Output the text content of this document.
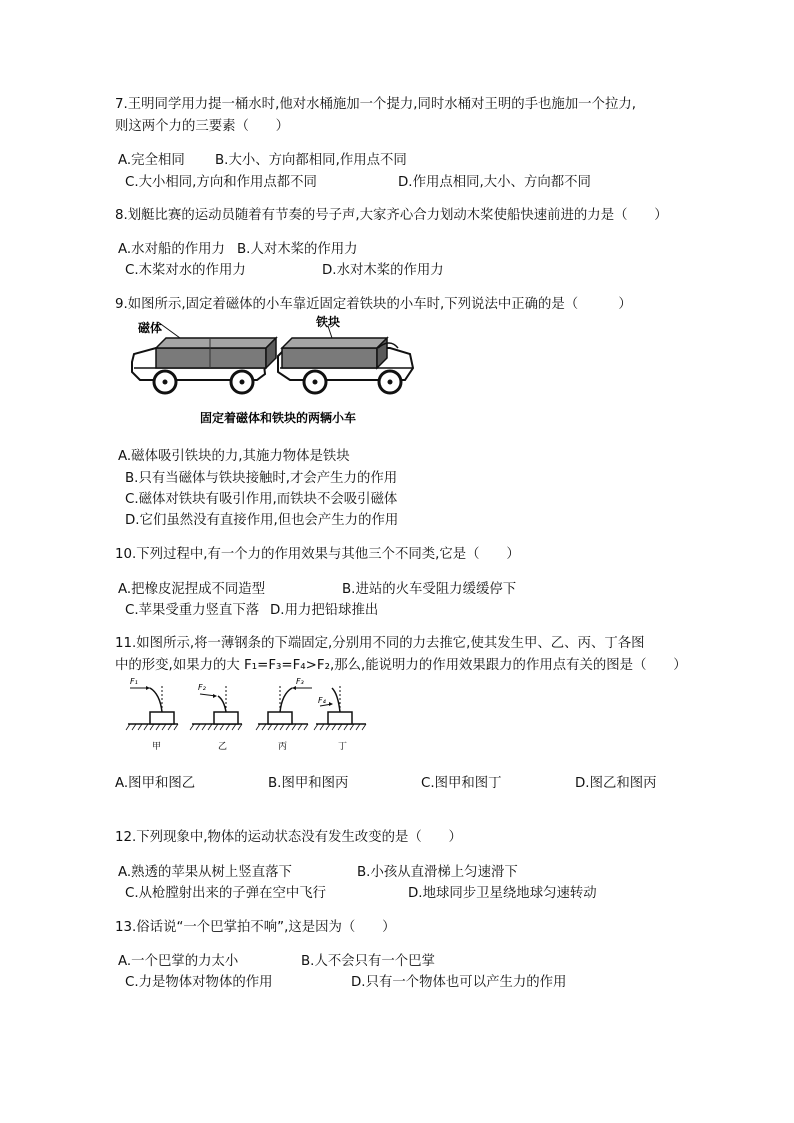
7.王明同学用力提一桶水时,他对水桶施加一个提力,同时水桶对王明的手也施加一个拉力,
则这两个力的三要素（　　）
A.完全相同 B.大小、方向都相同,作用点不同
C.大小相同,方向和作用点都不同	D.作用点相同,大小、方向都不同
8.划艇比赛的运动员随着有节奏的号子声,大家齐心合力划动木桨使船快速前进的力是（　　）
A.水对船的作用力 B.人对木桨的作用力
C.木桨对水的作用力	D.水对木桨的作用力
9.如图所示,固定着磁体的小车靠近固定着铁块的小车时,下列说法中正确的是（　　　）
磁体	铁块
固定着磁体和铁块的两辆小车
A.磁体吸引铁块的力,其施力物体是铁块
B.只有当磁体与铁块接触时,才会产生力的作用
C.磁体对铁块有吸引作用,而铁块不会吸引磁体
D.它们虽然没有直接作用,但也会产生力的作用
10.下列过程中,有一个力的作用效果与其他三个不同类,它是（　　）
A.把橡皮泥捏成不同造型	B.进站的火车受阻力缓缓停下
C.苹果受重力竖直下落 D.用力把铅球推出
11.如图所示,将一薄钢条的下端固定,分别用不同的力去推它,使其发生甲、乙、丙、丁各图
中的形变,如果力的大 F₁=F₃=F₄>F₂,那么,能说明力的作用效果跟力的作用点有关的图是（　　）
F₁
甲
F₂
乙
F₃
丙
F₄
丁
A.图甲和图乙	B.图甲和图丙	C.图甲和图丁	D.图乙和图丙
12.下列现象中,物体的运动状态没有发生改变的是（　　）
A.熟透的苹果从树上竖直落下	B.小孩从直滑梯上匀速滑下
C.从枪膛射出来的子弹在空中飞行	D.地球同步卫星绕地球匀速转动
13.俗话说“一个巴掌拍不响”,这是因为（　　）
A.一个巴掌的力太小	B.人不会只有一个巴掌
C.力是物体对物体的作用	D.只有一个物体也可以产生力的作用
